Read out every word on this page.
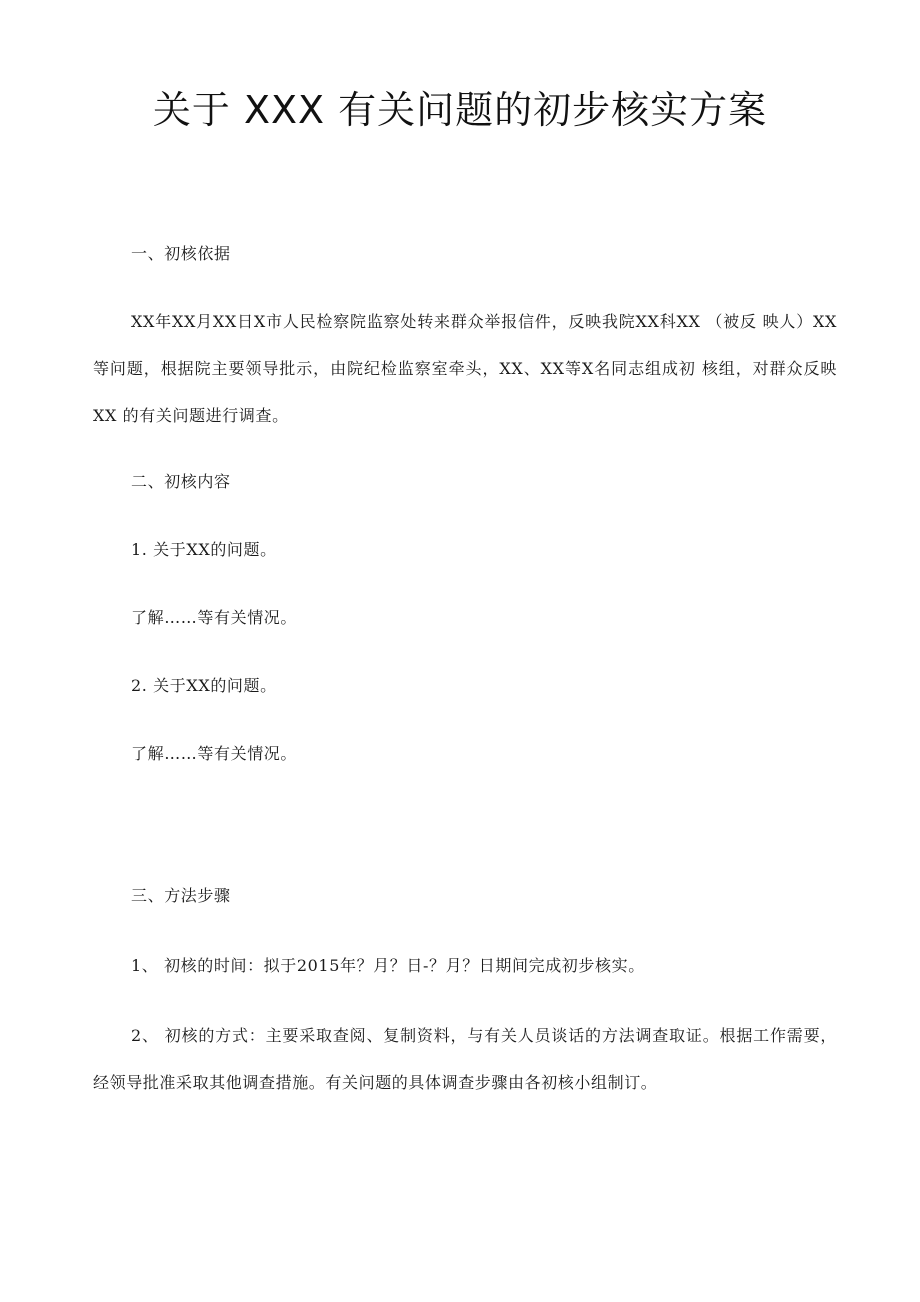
关于 XXX 有关问题的初步核实方案
一、初核依据
XX年XX月XX日X市人民检察院监察处转来群众举报信件，反映我院XX科XX （被反 映人）XX等问题，根据院主要领导批示，由院纪检监察室牵头，XX、XX等X名同志组成初 核组，对群众反映 XX 的有关问题进行调查。
二、初核内容
1. 关于XX的问题。
了解……等有关情况。
2. 关于XX的问题。
了解……等有关情况。
三、方法步骤
1、 初核的时间：拟于2015年？月？日-？月？日期间完成初步核实。
2、 初核的方式：主要采取查阅、复制资料，与有关人员谈话的方法调查取证。根据工作需要，经领导批准采取其他调查措施。有关问题的具体调查步骤由各初核小组制订。
